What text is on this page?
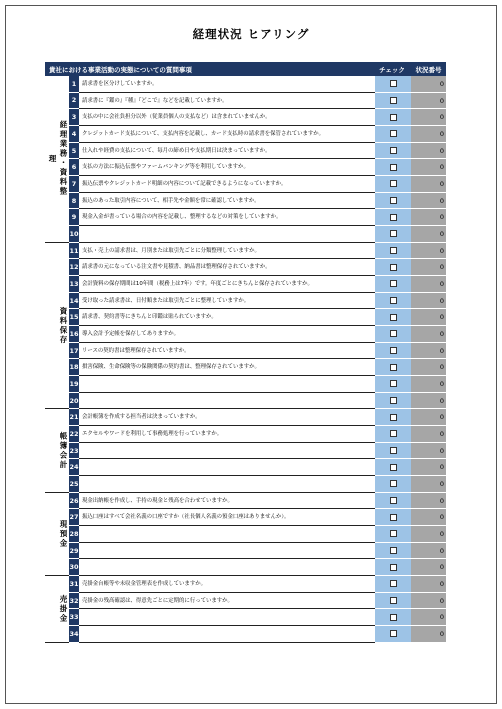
経理状況 ヒアリング
貴社における事業活動の実態についての質問事項	チェック	状況番号
1	請求書を区分けしていますか。	0
2	請求書に『鑑の』『種』『どこで』などを記載していますか。	0
3	支払の中に会社負担分以外（従業員個人の支払など）は含まれていませんか。	0
4	クレジットカード支払について、支払内容を記載し、カード支払時の請求書を保管されていますか。	0
5	仕入れや経費の支払について、毎月の締め日や支払期日は決まっていますか。	0
6	支払の方法に振込伝票やファームバンキング等を利用していますか。	0
7	振込伝票やクレジットカード明細の内容について記載できるようになっていますか。	0
8	振込のあった取引内容について、相手先や金額を常に確認していますか。	0
9	現金入金が書っている場合の内容を記載し、整理するなどの対策をしていますか。	0
10	0
11 支払・売上の請求書は、月別または取引先ごとに分類整理していますか。	0
12 請求書の元になっている注文書や見積書、納品書は整理保存されていますか。	0
13 会計資料の保存期間は10年間（税務上は7年）です。年度ごとにきちんと保存されていますか。	0
14 受け取った請求書は、日付順または取引先ごとに整理していますか。	0
15 請求書、契約書等にきちんと印鑑は貼られていますか。	0
16 導入会計予定帳を保存してありますか。	0
17 リースの契約書は整理保存されていますか。	0
18 損害保険、生命保険等の保険関係の契約書は、整理保存されていますか。	0
19	0
20	0
21 会計帳簿を作成する担当者は決まっていますか。	0
22 エクセルやワードを利用して事務処理を行っていますか。	0
23	0
24	0
25	0
26 現金出納帳を作成し、手持の現金と残高を合わせていますか。	0
27 振込口座はすべて会社名義の口座ですか（社長個人名義の預金口座はありませんか）。	0
28	0
29	0
30	0
31 売掛金台帳等や未収金管理表を作成していますか。	0
32 売掛金の残高確認は、得意先ごとに定期的に行っていますか。	0
33	0
34	0
経理業務・資料整理
資料保存
帳簿会計
現預金
売掛金
